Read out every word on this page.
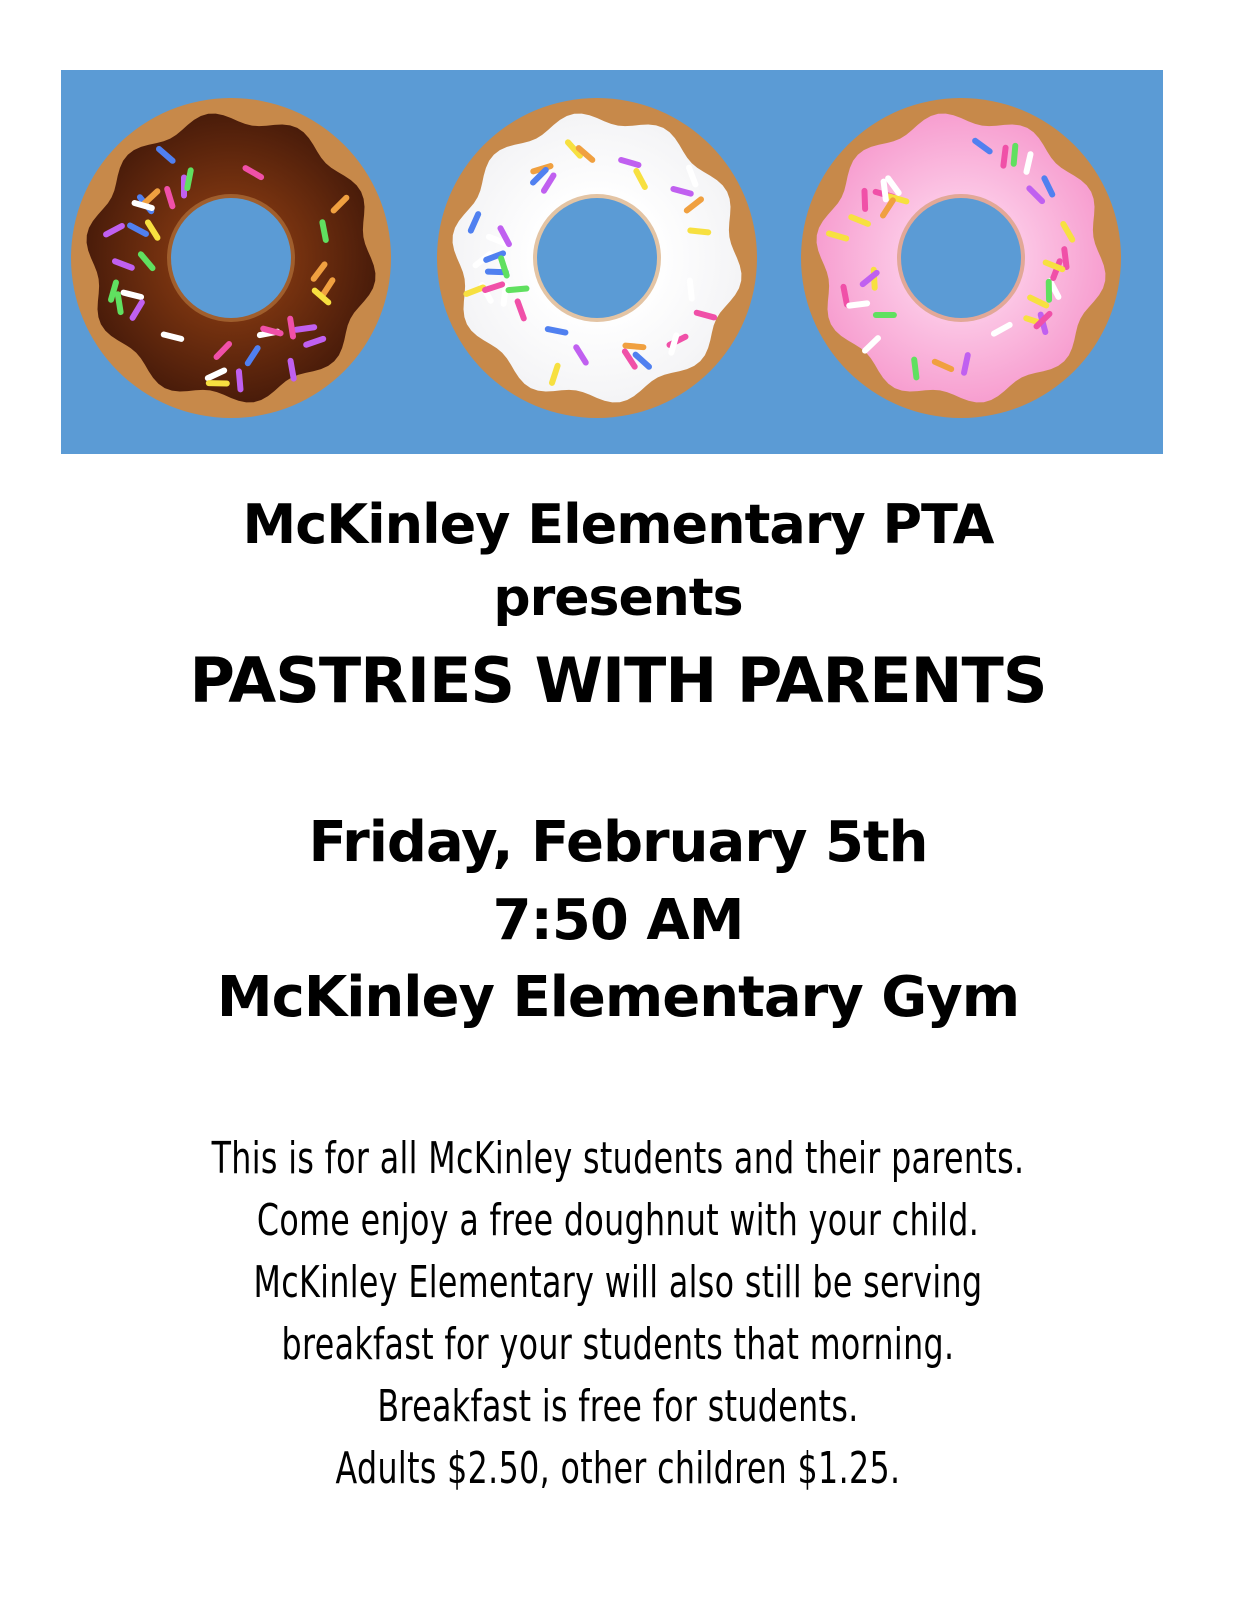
McKinley Elementary PTA
presents
PASTRIES WITH PARENTS
Friday, February 5th
7:50 AM
McKinley Elementary Gym
This is for all McKinley students and their parents.
Come enjoy a free doughnut with your child.
McKinley Elementary will also still be serving
breakfast for your students that morning.
Breakfast is free for students.
Adults $2.50, other children $1.25.
